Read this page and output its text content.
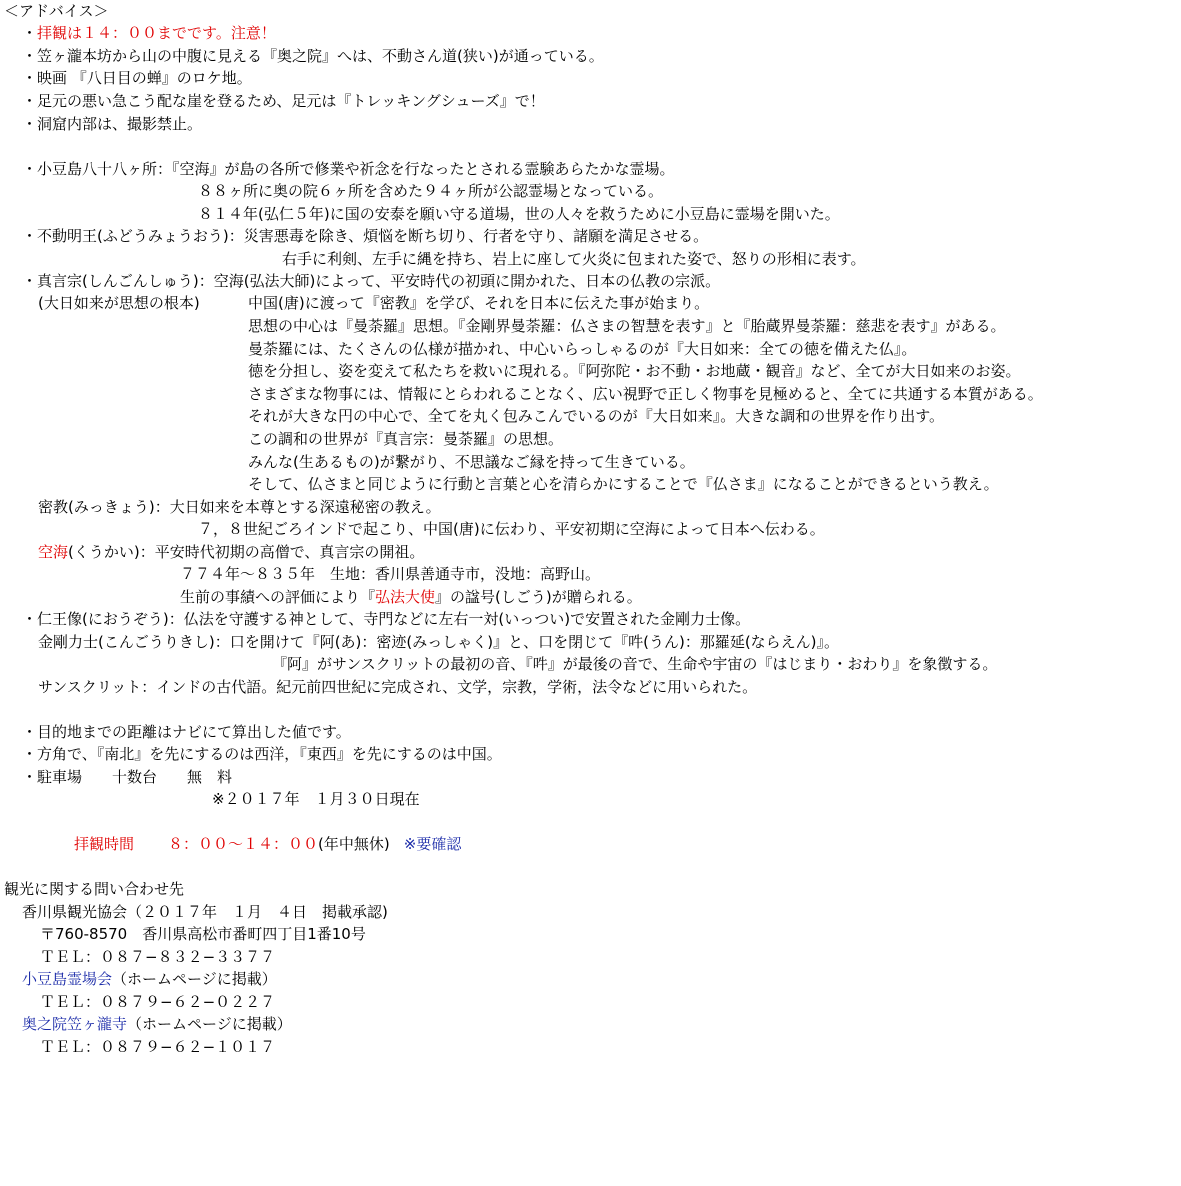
＜アドバイス＞
・拝観は１４：００までです。注意！
・笠ヶ瀧本坊から山の中腹に見える『奥之院』へは、不動さん道(狭い)が通っている。
・映画 『八日目の蝉』のロケ地。
・足元の悪い急こう配な崖を登るため、足元は『トレッキングシューズ』で！
・洞窟内部は、撮影禁止。
・小豆島八十八ヶ所：『空海』が島の各所で修業や祈念を行なったとされる霊験あらたかな霊場。
８８ヶ所に奥の院６ヶ所を含めた９４ヶ所が公認霊場となっている。
８１４年(弘仁５年)に国の安泰を願い守る道場，世の人々を救うために小豆島に霊場を開いた。
・不動明王(ふどうみょうおう)：災害悪毒を除き、煩悩を断ち切り、行者を守り、諸願を満足させる。
右手に利剣、左手に縄を持ち、岩上に座して火炎に包まれた姿で、怒りの形相に表す。
・真言宗(しんごんしゅう)：空海(弘法大師)によって、平安時代の初頭に開かれた、日本の仏教の宗派。
(大日如来が思想の根本)	中国(唐)に渡って『密教』を学び、それを日本に伝えた事が始まり。
思想の中心は『曼荼羅』思想。『金剛界曼荼羅：仏さまの智慧を表す』と『胎蔵界曼荼羅：慈悲を表す』がある。
曼荼羅には、たくさんの仏様が描かれ、中心いらっしゃるのが『大日如来：全ての徳を備えた仏』。
徳を分担し、姿を変えて私たちを救いに現れる。『阿弥陀・お不動・お地蔵・観音』など、全てが大日如来のお姿。
さまざまな物事には、情報にとらわれることなく、広い視野で正しく物事を見極めると、全てに共通する本質がある。
それが大きな円の中心で、全てを丸く包みこんでいるのが『大日如来』。大きな調和の世界を作り出す。
この調和の世界が『真言宗：曼荼羅』の思想。
みんな(生あるもの)が繋がり、不思議なご縁を持って生きている。
そして、仏さまと同じように行動と言葉と心を清らかにすることで『仏さま』になることができるという教え。
密教(みっきょう)：大日如来を本尊とする深遠秘密の教え。
７，８世紀ごろインドで起こり、中国(唐)に伝わり、平安初期に空海によって日本へ伝わる。
空海(くうかい)：平安時代初期の高僧で、真言宗の開祖。
７７４年〜８３５年　生地：香川県善通寺市，没地：高野山。
生前の事績への評価により『弘法大使』の諡号(しごう)が贈られる。
・仁王像(におうぞう)：仏法を守護する神として、寺門などに左右一対(いっつい)で安置された金剛力士像。
金剛力士(こんごうりきし)：口を開けて『阿(あ)：密迹(みっしゃく)』と、口を閉じて『吽(うん)：那羅延(ならえん)』。
『阿』がサンスクリットの最初の音、『吽』が最後の音で、生命や宇宙の『はじまり・おわり』を象徴する。
サンスクリット：インドの古代語。紀元前四世紀に完成され、文学，宗教，学術，法令などに用いられた。
・目的地までの距離はナビにて算出した値です。
・方角で、『南北』を先にするのは西洋，『東西』を先にするのは中国。
・駐車場　　十数台　　無　料
※２０１７年　１月３０日現在
拝観時間 ８：００〜１４：００(年中無休) ※要確認
観光に関する問い合わせ先
香川県観光協会（２０１７年　１月　４日　掲載承認)
〒760-8570　香川県高松市番町四丁目1番10号
ＴＥＬ：０８７−８３２−３３７７
小豆島霊場会（ホームページに掲載）
ＴＥＬ：０８７９−６２−０２２７
奥之院笠ヶ瀧寺（ホームページに掲載）
ＴＥＬ：０８７９−６２−１０１７
